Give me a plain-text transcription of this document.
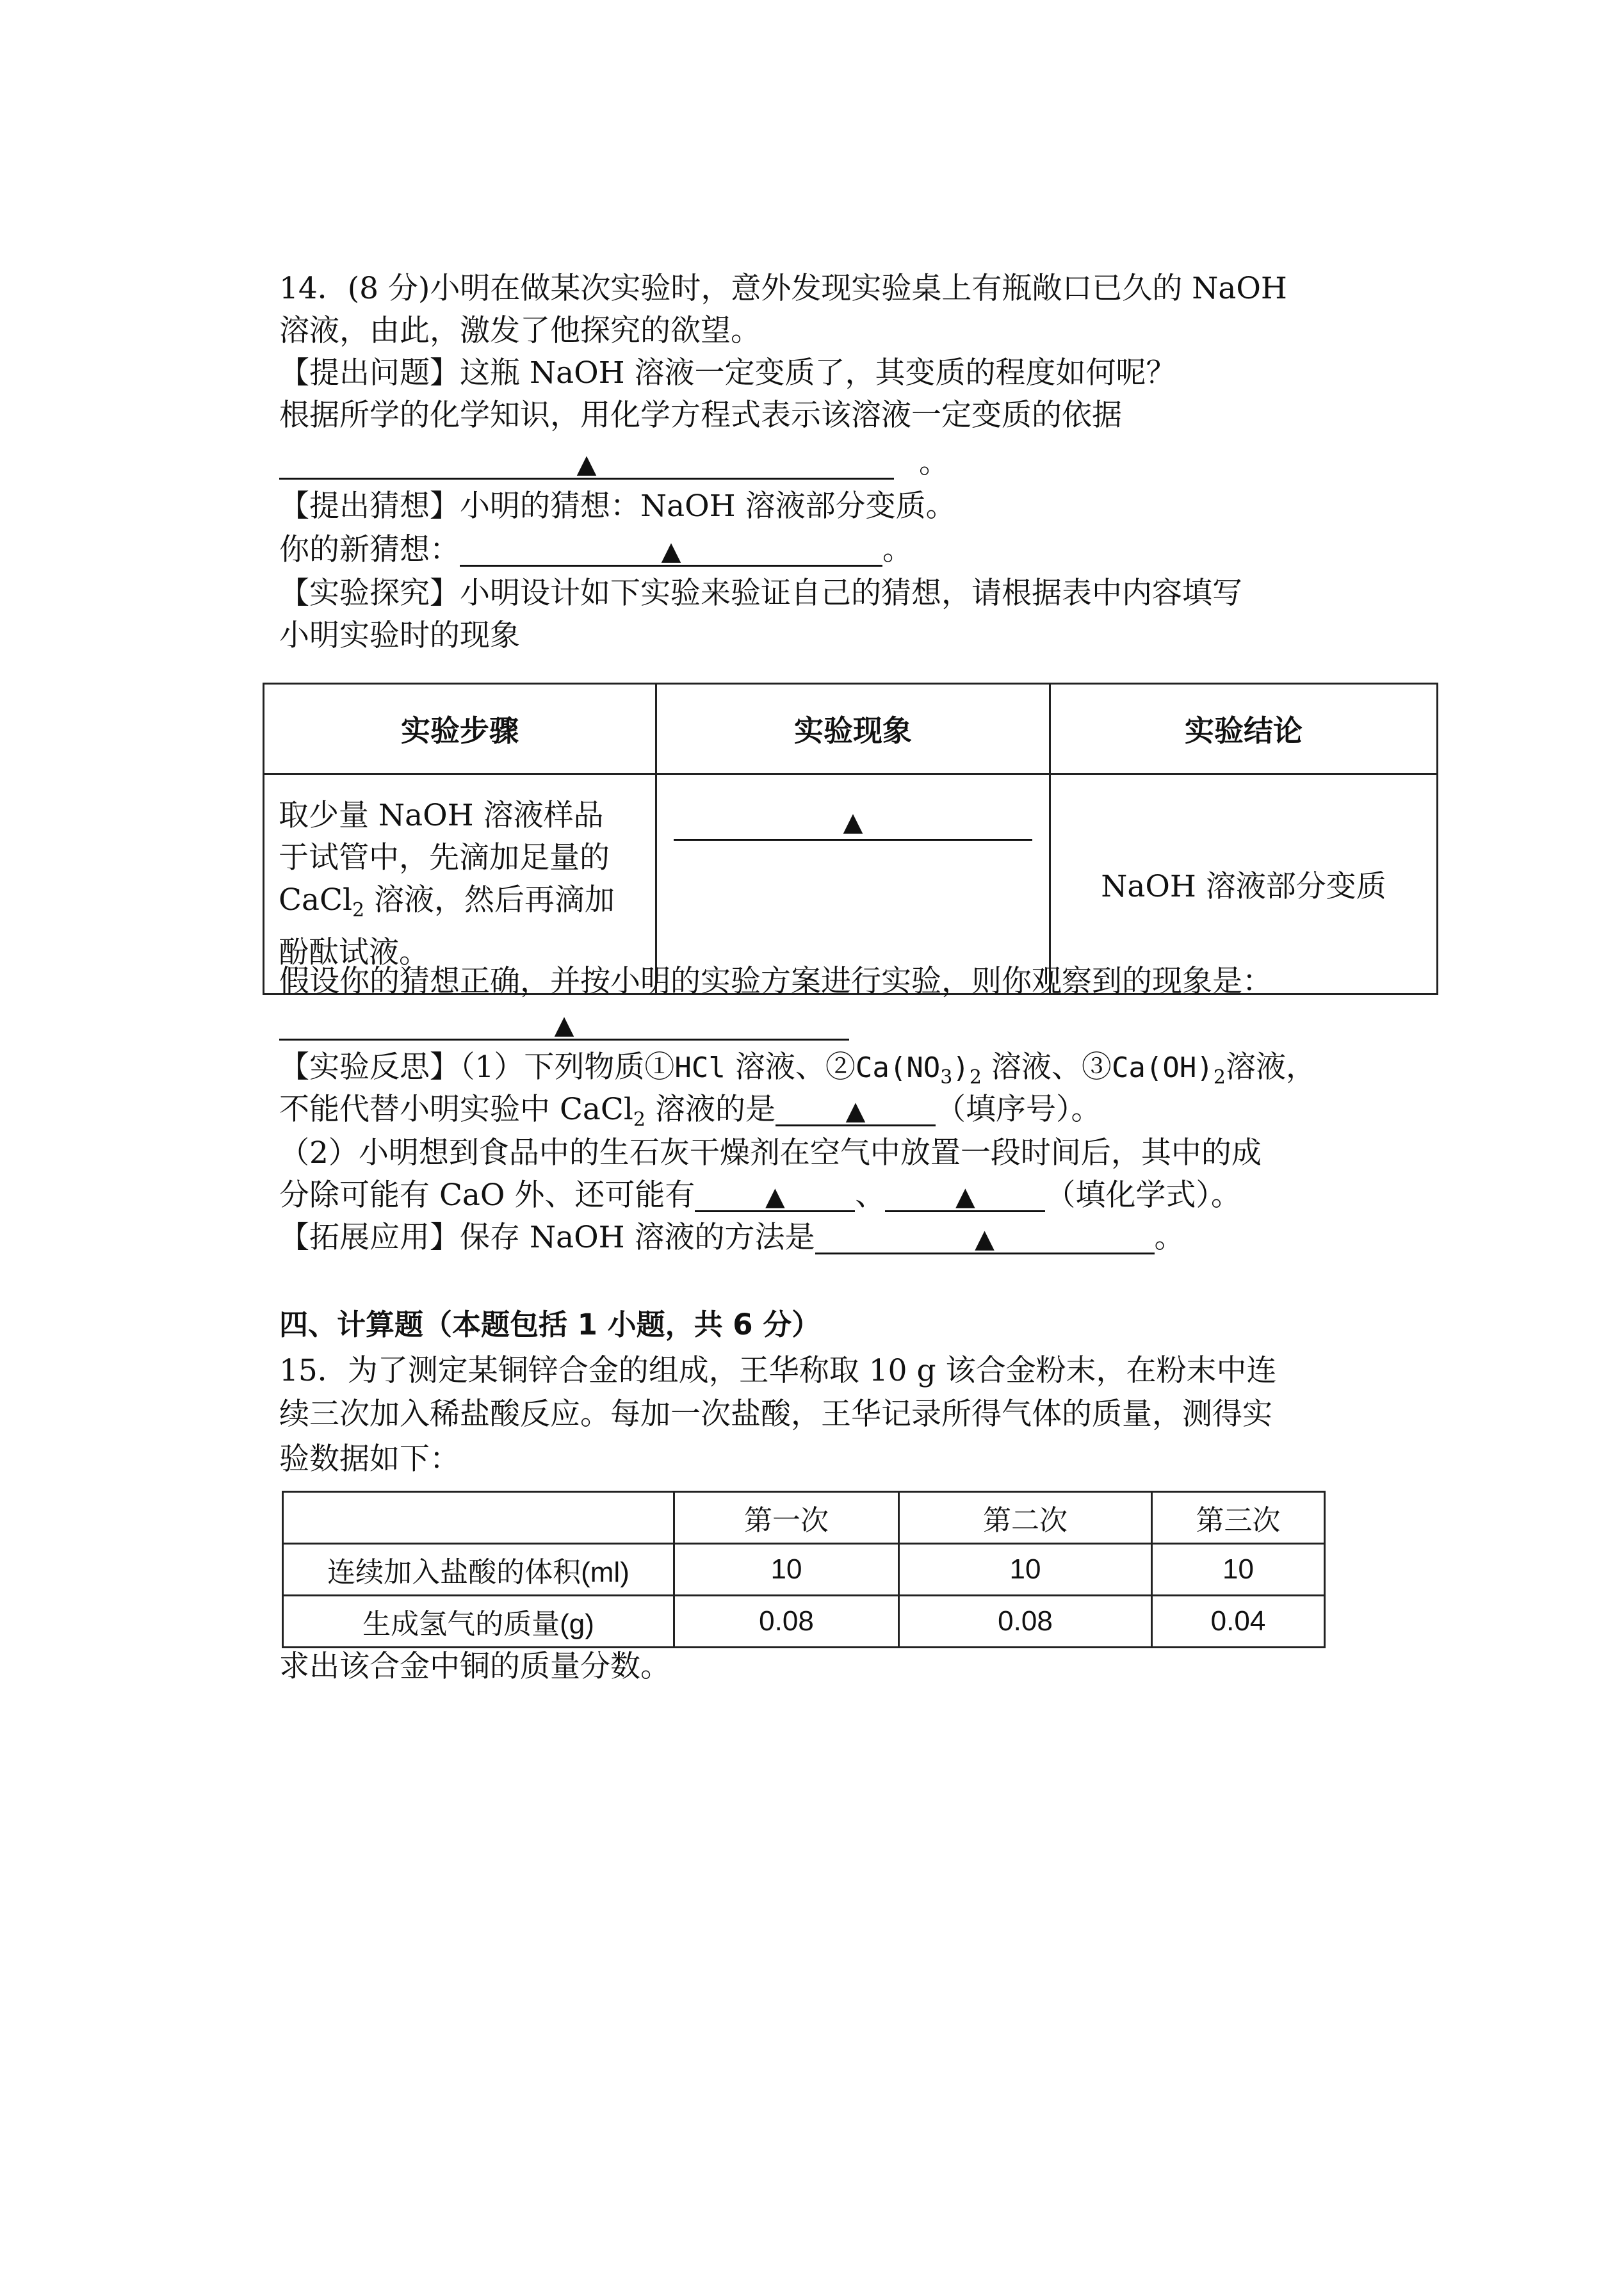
14．(8 分)小明在做某次实验时，意外发现实验桌上有瓶敞口已久的 NaOH
溶液，由此，激发了他探究的欲望。
【提出问题】这瓶 NaOH 溶液一定变质了，其变质的程度如何呢？
根据所学的化学知识，用化学方程式表示该溶液一定变质的依据
▲	。
【提出猜想】小明的猜想：NaOH 溶液部分变质。
你的新猜想：	▲	。
【实验探究】小明设计如下实验来验证自己的猜想，请根据表中内容填写
小明实验时的现象
实验步骤	实验现象	实验结论

取少量 NaOH 溶液样品
于试管中，先滴加足量的
CaCl$_2$ 溶液，然后再滴加
酚酞试液。	▲	NaOH 溶液部分变质
假设你的猜想正确，并按小明的实验方案进行实验，则你观察到的现象是：
▲
【实验反思】（1）下列物质①HCl 溶液、$②Ca(NO_3)_2$ 溶液、$③Ca(OH)_2$溶液，
不能代替小明实验中 CaCl$_2$ 溶液的是	▲ （填序号）。
（2）小明想到食品中的生石灰干燥剂在空气中放置一段时间后，其中的成
分除可能有 CaO 外、还可能有	▲ 、	▲ （填化学式）。
【拓展应用】保存 NaOH 溶液的方法是	▲	。
四、计算题（本题包括 1 小题，共 6 分）
15．为了测定某铜锌合金的组成，王华称取 10 g 该合金粉末，在粉末中连
续三次加入稀盐酸反应。每加一次盐酸，王华记录所得气体的质量，测得实
验数据如下：
	第一次	第二次	第三次
连续加入盐酸的体积(ml)	10	10	10
生成氢气的质量(g)	0.08	0.08	0.04
求出该合金中铜的质量分数。
